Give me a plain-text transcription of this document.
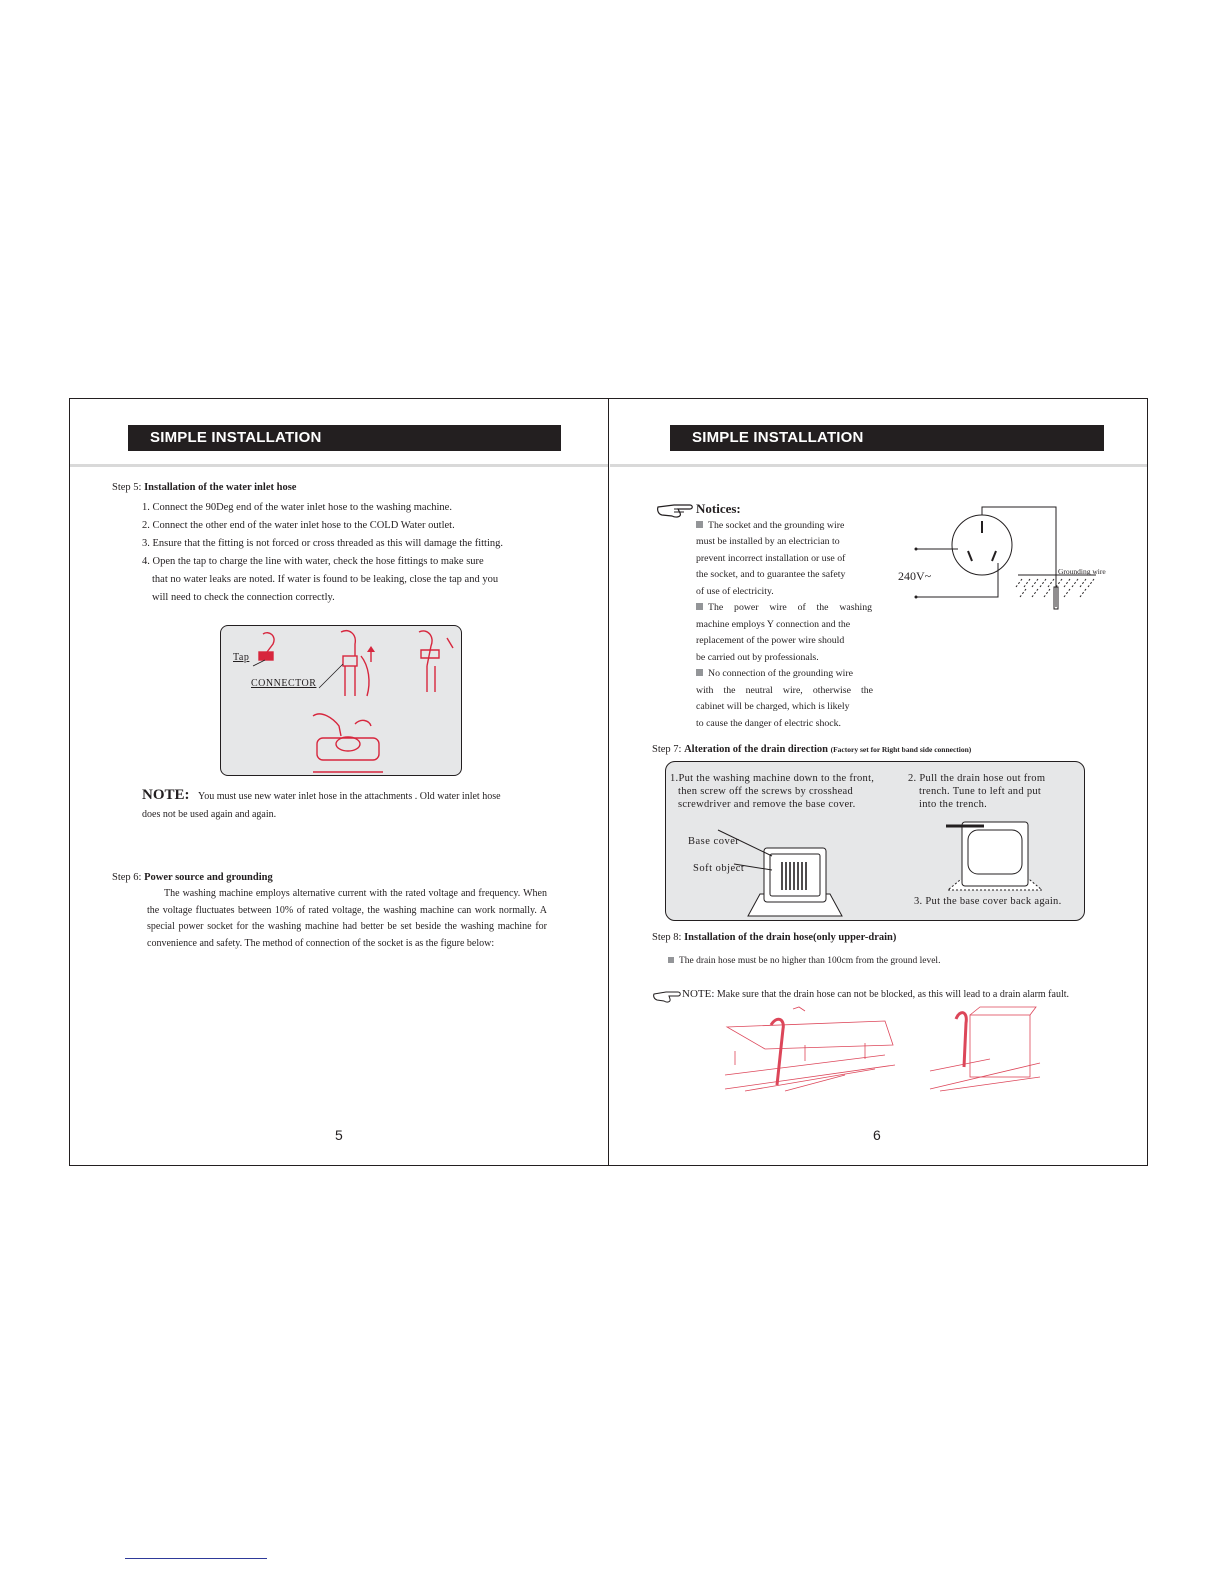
SIMPLE INSTALLATION
Step 5: Installation of the water inlet hose
1. Connect the 90Deg end of the water inlet hose to the washing machine.
2. Connect the other end of the water inlet hose to the COLD Water outlet.
3. Ensure that the fitting is not forced or cross threaded as this will damage the fitting.
4. Open the tap to charge the line with water, check the hose fittings to make sure
that no water leaks are noted. If water is found to be leaking, close the tap and you
will need to check the connection correctly.
Tap
CONNECTOR
NOTE: You must use new water inlet hose in the attachments . Old water inlet hose
does not be used again and again.
Step 6: Power source and grounding
The washing machine employs alternative current with the rated voltage and frequency. When the voltage fluctuates between 10% of rated voltage, the washing machine can work normally. A special power socket for the washing machine had better be set beside the washing machine for convenience and safety. The method of connection of the socket is as the figure below:
5
SIMPLE INSTALLATION
Notices:
The socket and the grounding wire
must be installed by an electrician to
prevent incorrect installation or use of
the socket, and to guarantee the safety
of use of electricity.
The power wire of the washing
machine employs Y connection and the
replacement of the power wire should
be carried out by professionals.
No connection of the grounding wire
with the neutral wire, otherwise the
cabinet will be charged, which is likely
to cause the danger of electric shock.
240V~	Grounding wire
Step 7: Alteration of the drain direction (Factory set for Right band side connection)
1.Put the washing machine down to the front,
then screw off the screws by crosshead
screwdriver and remove the base cover.
2. Pull the drain hose out from
trench. Tune to left and put
into the trench.
Base cover
Soft object
3. Put the base cover back again.
Step 8: Installation of the drain hose(only upper-drain)
The drain hose must be no higher than 100cm from the ground level.
NOTE: Make sure that the drain hose can not be blocked, as this will lead to a drain alarm fault.
6
